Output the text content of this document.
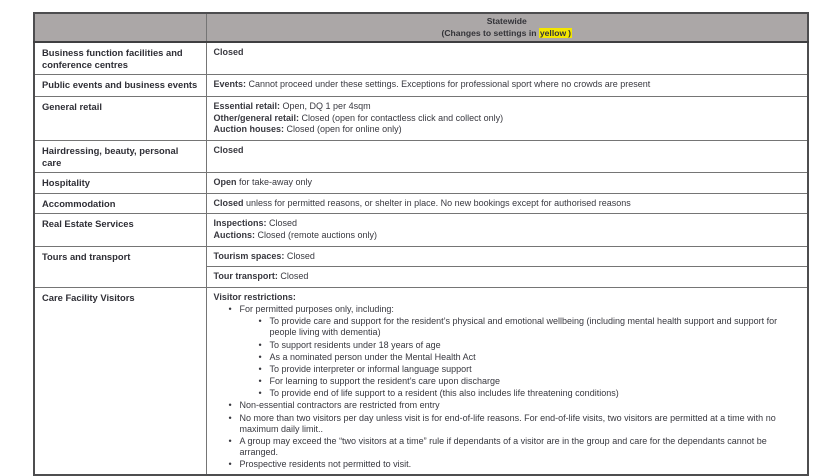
	Statewide
(Changes to settings in yellow )

Business function facilities and conference centres	Closed

Public events and business events	Events: Cannot proceed under these settings. Exceptions for professional sport where no crowds are present

General retail	Essential retail: Open, DQ 1 per 4sqm
Other/general retail: Closed (open for contactless click and collect only)
Auction houses: Closed (open for online only)

Hairdressing, beauty, personal care	Closed

Hospitality	Open for take-away only

Accommodation	Closed unless for permitted reasons, or shelter in place. No new bookings except for authorised reasons

Real Estate Services	Inspections: Closed
Auctions: Closed (remote auctions only)

Tours and transport	Tourism spaces: Closed

	Tour transport: Closed

Care Facility Visitors	Visitor restrictions:
• For permitted purposes only, including:
• To provide care and support for the resident’s physical and emotional wellbeing (including mental health support and support for people living with dementia)
• To support residents under 18 years of age
• As a nominated person under the Mental Health Act
• To provide interpreter or informal language support
• For learning to support the resident’s care upon discharge
• To provide end of life support to a resident (this also includes life threatening conditions)
• Non-essential contractors are restricted from entry
• No more than two visitors per day unless visit is for end-of-life reasons. For end-of-life visits, two visitors are permitted at a time with no maximum daily limit..
• A group may exceed the “two visitors at a time” rule if dependants of a visitor are in the group and care for the dependants cannot be arranged.
• Prospective residents not permitted to visit.
